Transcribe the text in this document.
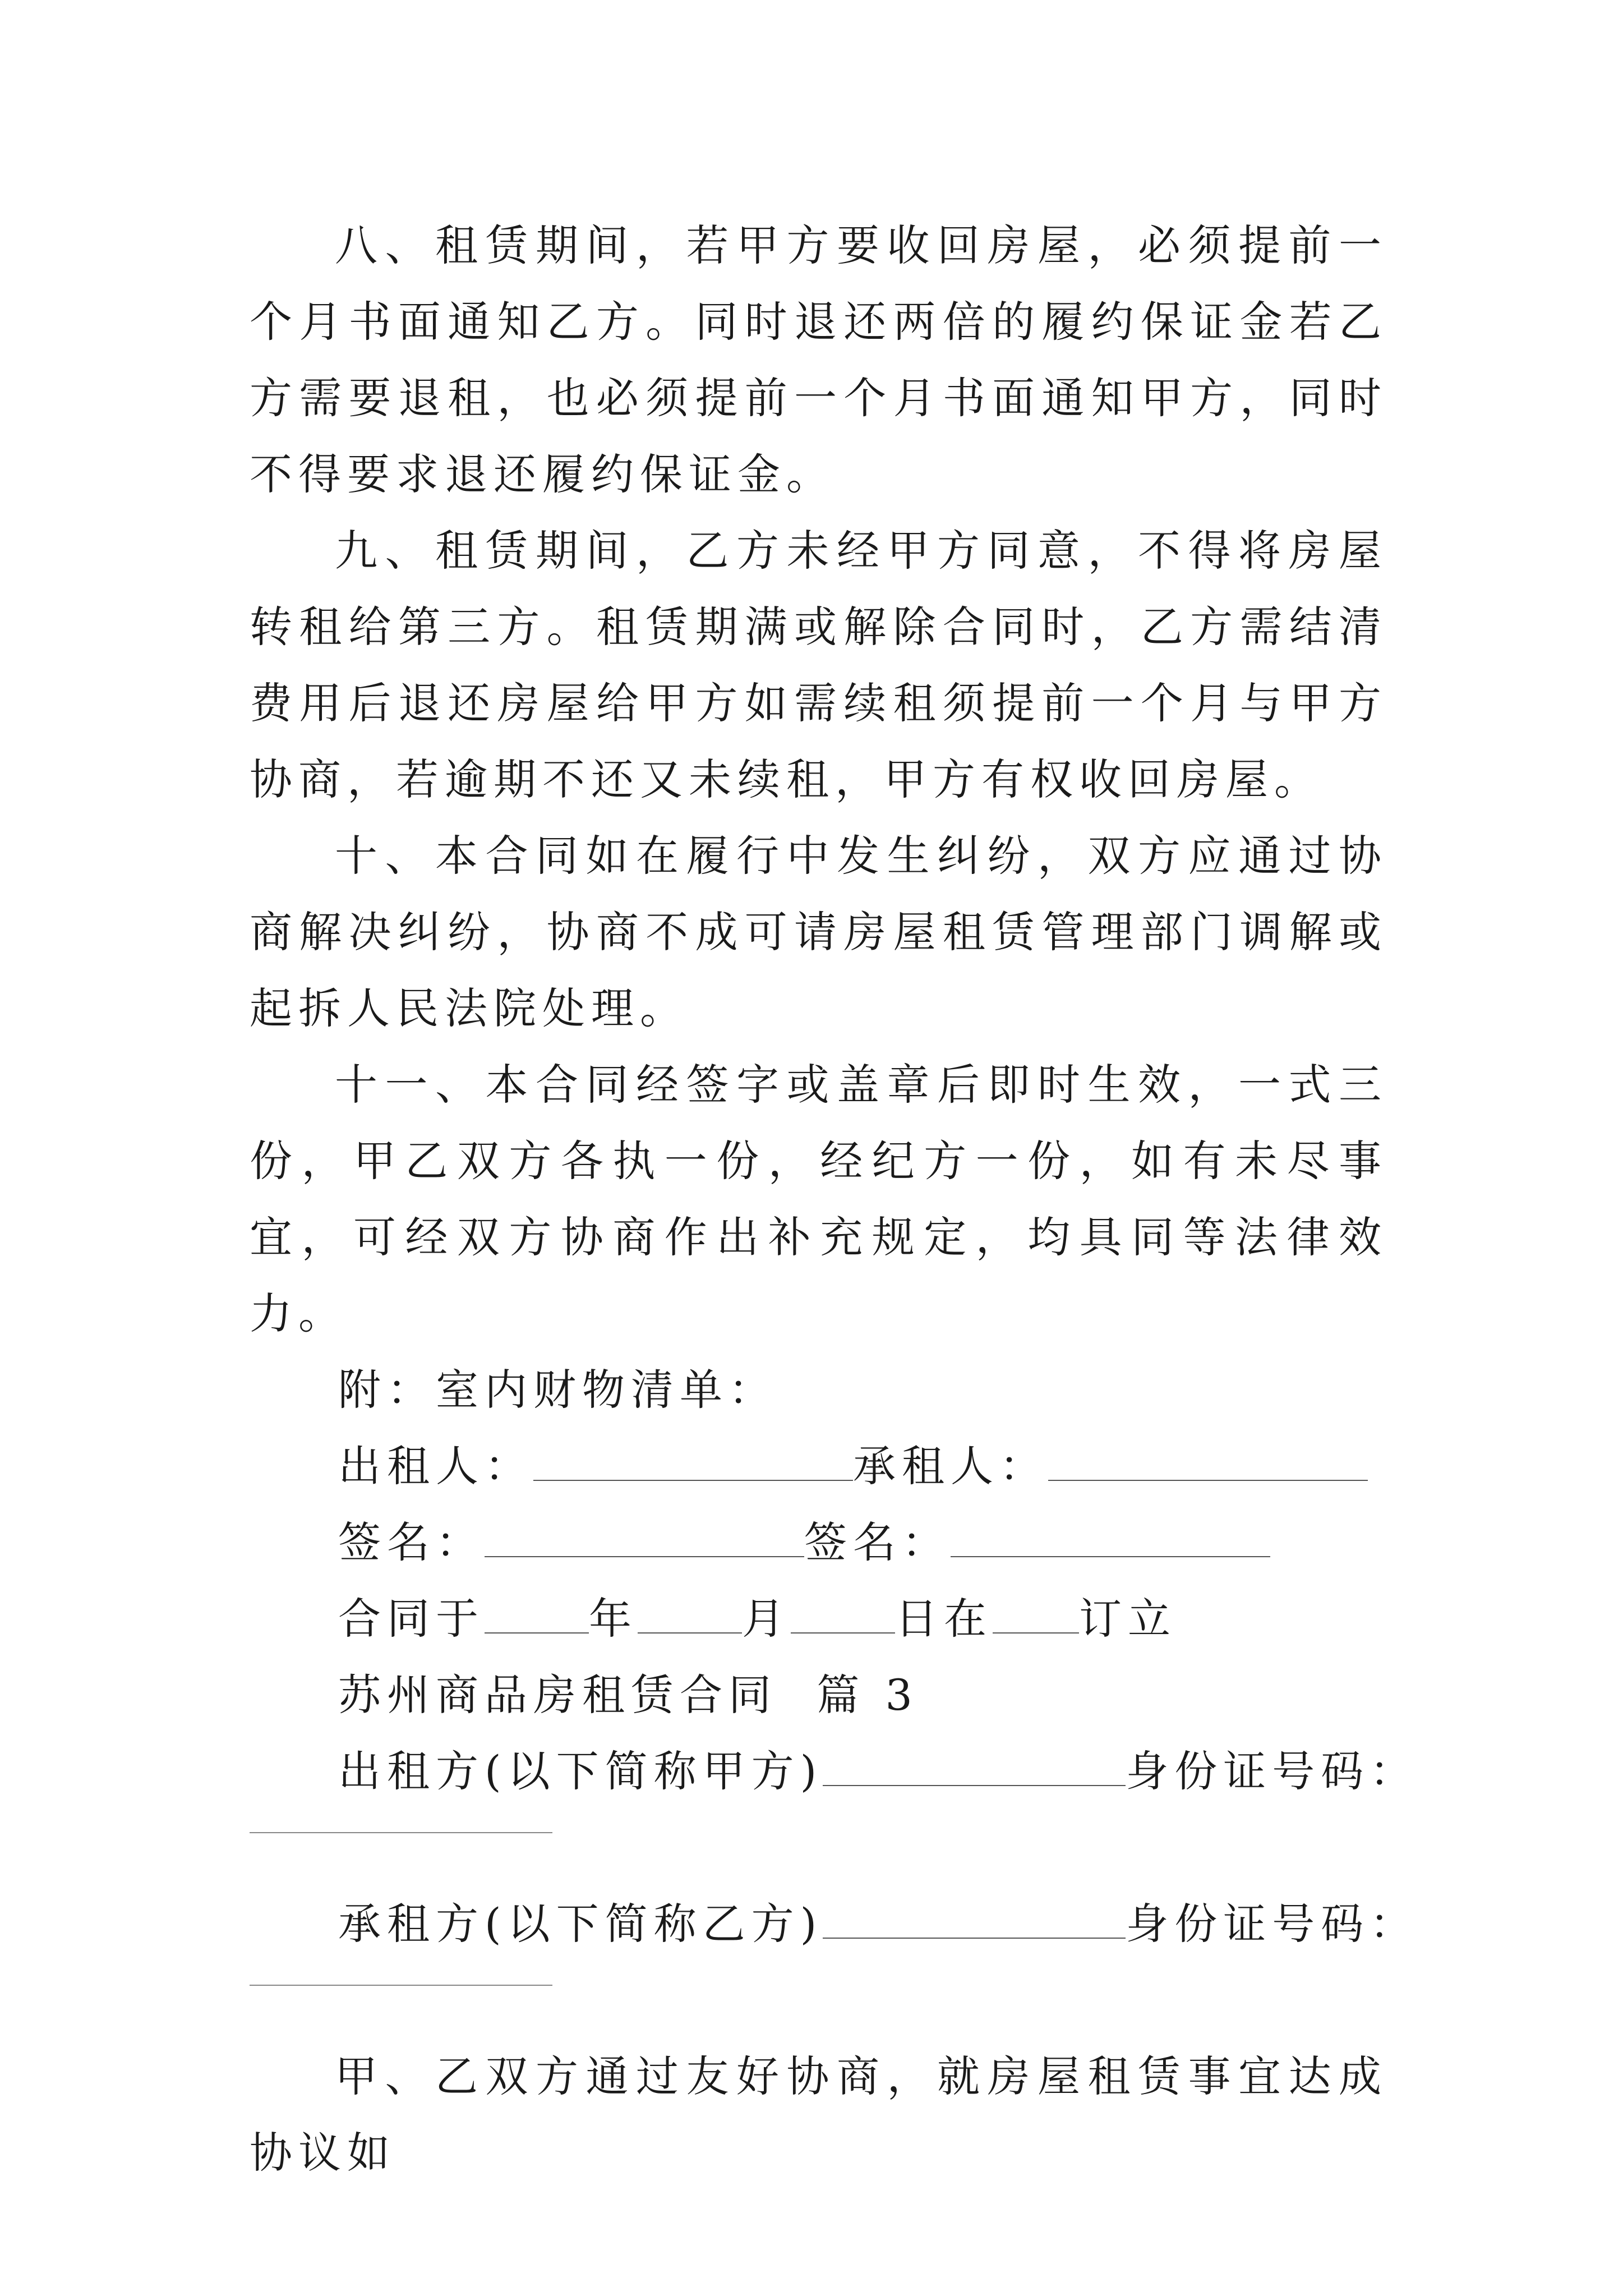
八、租赁期间，若甲方要收回房屋，必须提前一个月书面通知乙方。同时退还两倍的履约保证金若乙方需要退租，也必须提前一个月书面通知甲方，同时不得要求退还履约保证金。

九、租赁期间，乙方未经甲方同意，不得将房屋转租给第三方。租赁期满或解除合同时，乙方需结清费用后退还房屋给甲方如需续租须提前一个月与甲方协商，若逾期不还又未续租，甲方有权收回房屋。

十、本合同如在履行中发生纠纷，双方应通过协商解决纠纷，协商不成可请房屋租赁管理部门调解或起拆人民法院处理。

十一、本合同经签字或盖章后即时生效，一式三份，甲乙双方各执一份，经纪方一份，如有未尽事宜，可经双方协商作出补充规定，均具同等法律效力。

附：室内财物清单：

出租人：	承租人：

签名：	签名：

合同于 年 月 日在 订立

苏州商品房租赁合同  篇 3

出租方(以下简称甲方)	身份证号码：

承租方(以下简称乙方)	身份证号码：

甲、乙双方通过友好协商，就房屋租赁事宜达成协议如
